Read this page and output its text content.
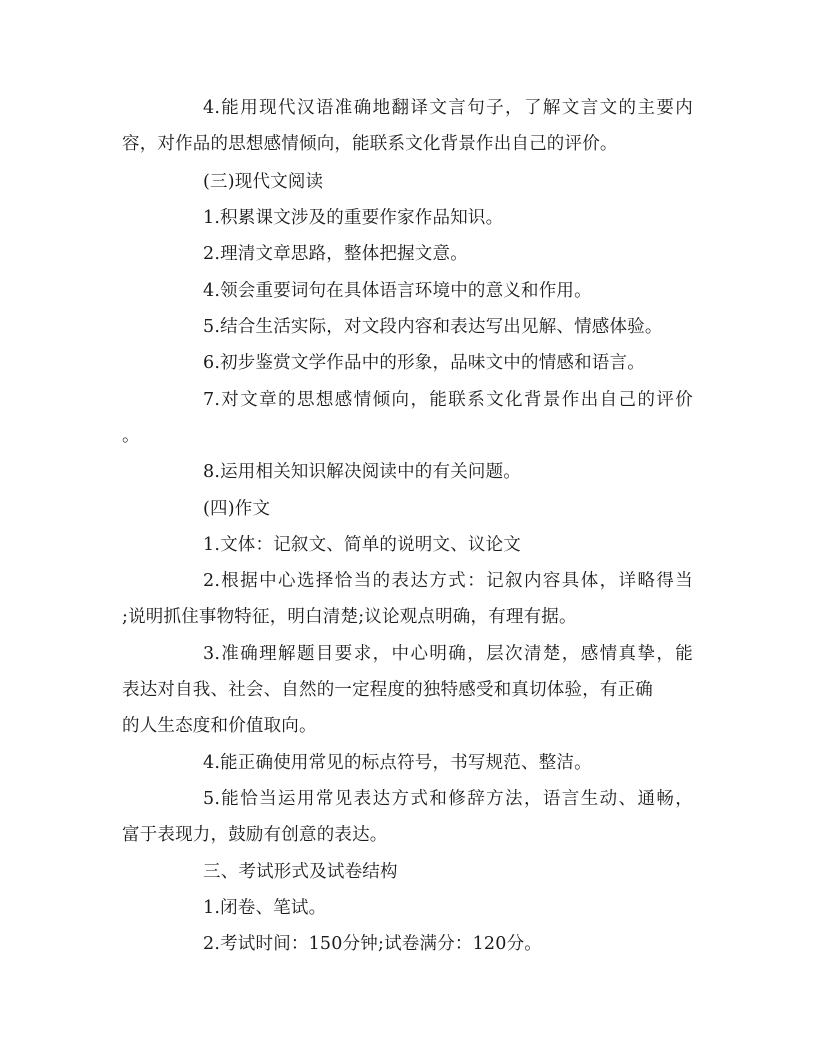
4.能用现代汉语准确地翻译文言句子，了解文言文的主要内
容，对作品的思想感情倾向，能联系文化背景作出自己的评价。
(三)现代文阅读
1.积累课文涉及的重要作家作品知识。
2.理清文章思路，整体把握文意。
4.领会重要词句在具体语言环境中的意义和作用。
5.结合生活实际，对文段内容和表达写出见解、情感体验。
6.初步鉴赏文学作品中的形象，品味文中的情感和语言。
7.对文章的思想感情倾向，能联系文化背景作出自己的评价
。
8.运用相关知识解决阅读中的有关问题。
(四)作文
1.文体：记叙文、简单的说明文、议论文
2.根据中心选择恰当的表达方式：记叙内容具体，详略得当
;说明抓住事物特征，明白清楚;议论观点明确，有理有据。
3.准确理解题目要求，中心明确，层次清楚，感情真挚，能
表达对自我、社会、自然的一定程度的独特感受和真切体验，有正确
的人生态度和价值取向。
4.能正确使用常见的标点符号，书写规范、整洁。
5.能恰当运用常见表达方式和修辞方法，语言生动、通畅，
富于表现力，鼓励有创意的表达。
三、考试形式及试卷结构
1.闭卷、笔试。
2.考试时间：150分钟;试卷满分：120分。
